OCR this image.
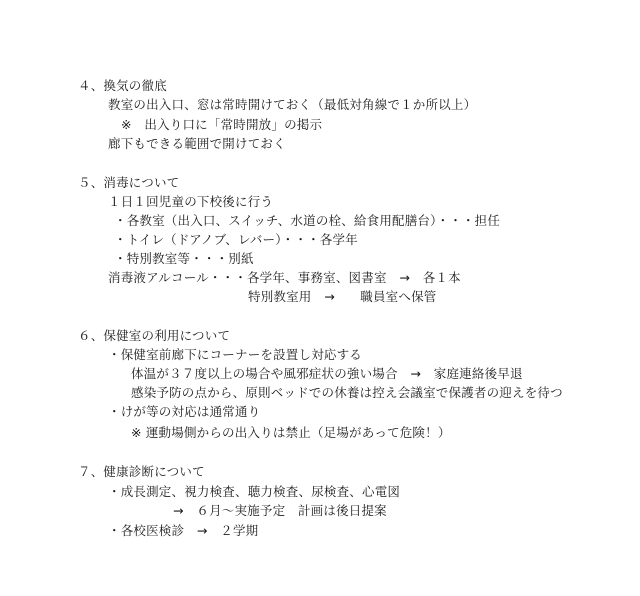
４、換気の徹底
教室の出入口、窓は常時開けておく（最低対角線で１か所以上）
※　出入り口に「常時開放」の掲示
廊下もできる範囲で開けておく
５、消毒について
１日１回児童の下校後に行う
・各教室（出入口、スイッチ、水道の栓、給食用配膳台）・・・担任
・トイレ（ドアノブ、レバー）・・・各学年
・特別教室等・・・別紙
消毒液アルコール・・・各学年、事務室、図書室　→　各１本
特別教室用　→　　職員室へ保管
６、保健室の利用について
・保健室前廊下にコーナーを設置し対応する
体温が３７度以上の場合や風邪症状の強い場合　→　家庭連絡後早退
感染予防の点から、原則ベッドでの休養は控え会議室で保護者の迎えを待つ
・けが等の対応は通常通り
※ 運動場側からの出入りは禁止（足場があって危険！）
７、健康診断について
・成長測定、視力検査、聴力検査、尿検査、心電図
→　６月～実施予定　計画は後日提案
・各校医検診　→　２学期
